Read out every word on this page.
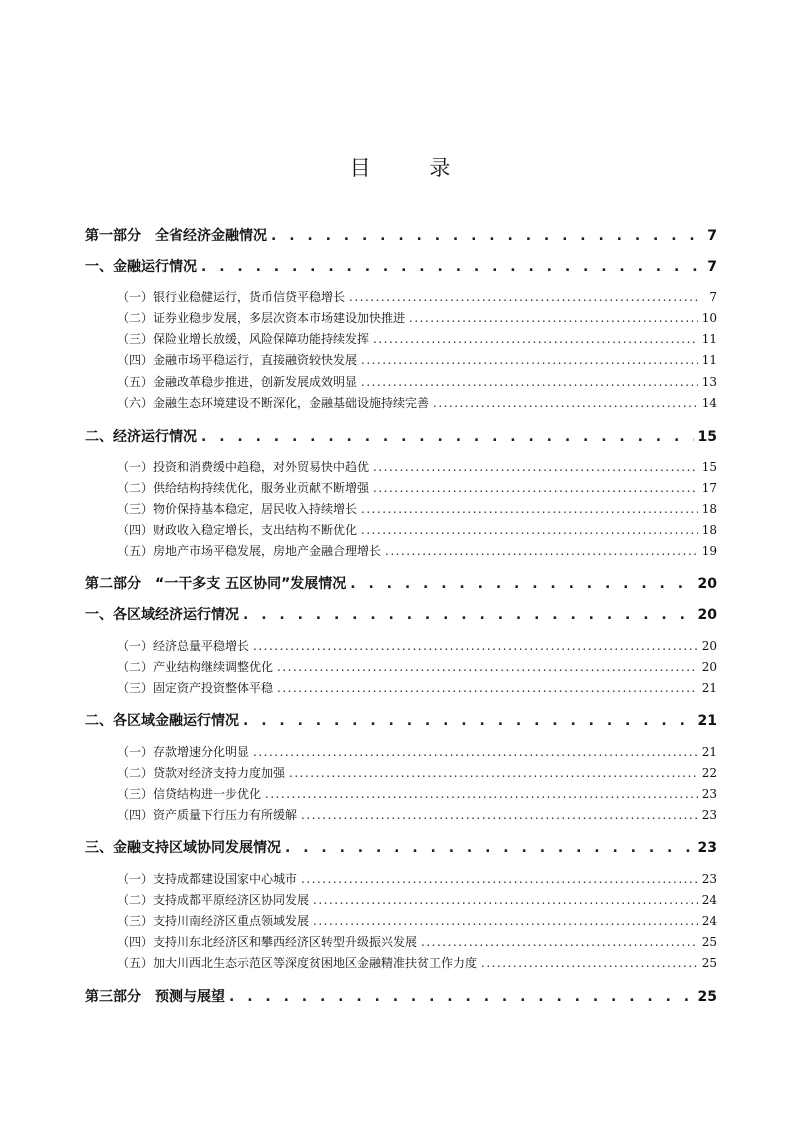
目 录
第一部分　全省经济金融情况 . . .	7
一、金融运行情况 . . .	7
（一）银行业稳健运行，货币信贷平稳增长 .....	7
（二）证券业稳步发展，多层次资本市场建设加快推进 .....	10
（三）保险业增长放缓，风险保障功能持续发挥 .....	11
（四）金融市场平稳运行，直接融资较快发展 .....	11
（五）金融改革稳步推进，创新发展成效明显 .....	13
（六）金融生态环境建设不断深化，金融基础设施持续完善 .....	14
二、经济运行情况 . . .	15
（一）投资和消费缓中趋稳，对外贸易快中趋优 .....	15
（二）供给结构持续优化，服务业贡献不断增强 .....	17
（三）物价保持基本稳定，居民收入持续增长 .....	18
（四）财政收入稳定增长，支出结构不断优化 .....	18
（五）房地产市场平稳发展，房地产金融合理增长 .....	19
第二部分　“一干多支 五区协同”发展情况 . . .	20
一、各区域经济运行情况 . . .	20
（一）经济总量平稳增长 .....	20
（二）产业结构继续调整优化 .....	20
（三）固定资产投资整体平稳 .....	21
二、各区域金融运行情况 . . .	21
（一）存款增速分化明显 .....	21
（二）贷款对经济支持力度加强 .....	22
（三）信贷结构进一步优化 .....	23
（四）资产质量下行压力有所缓解 .....	23
三、金融支持区域协同发展情况 . . .	23
（一）支持成都建设国家中心城市 .....	23
（二）支持成都平原经济区协同发展 .....	24
（三）支持川南经济区重点领域发展 .....	24
（四）支持川东北经济区和攀西经济区转型升级振兴发展 .....	25
（五）加大川西北生态示范区等深度贫困地区金融精准扶贫工作力度 .....	25
第三部分　预测与展望 . . .	25
